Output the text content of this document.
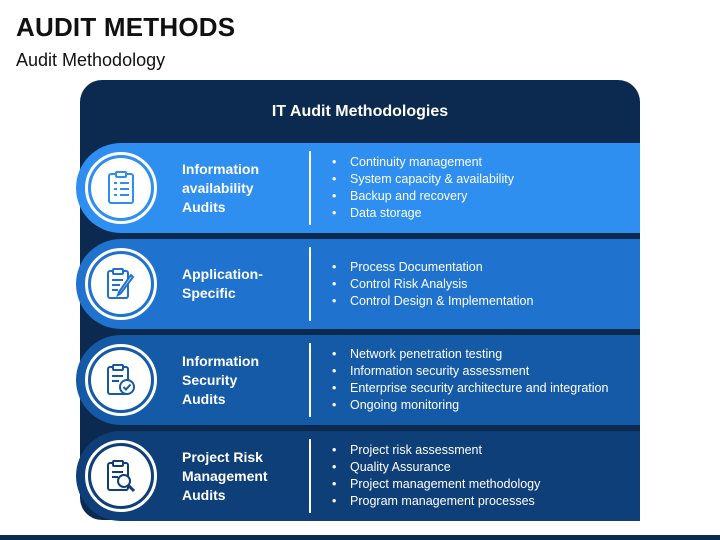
AUDIT METHODS
Audit Methodology
IT Audit Methodologies
Information
availability
Audits
• Continuity management
• System capacity & availability
• Backup and recovery
• Data storage
Application-
Specific
• Process Documentation
• Control Risk Analysis
• Control Design & Implementation
Information
Security
Audits
• Network penetration testing
• Information security assessment
• Enterprise security architecture and integration
• Ongoing monitoring
Project Risk
Management
Audits
• Project risk assessment
• Quality Assurance
• Project management methodology
• Program management processes
